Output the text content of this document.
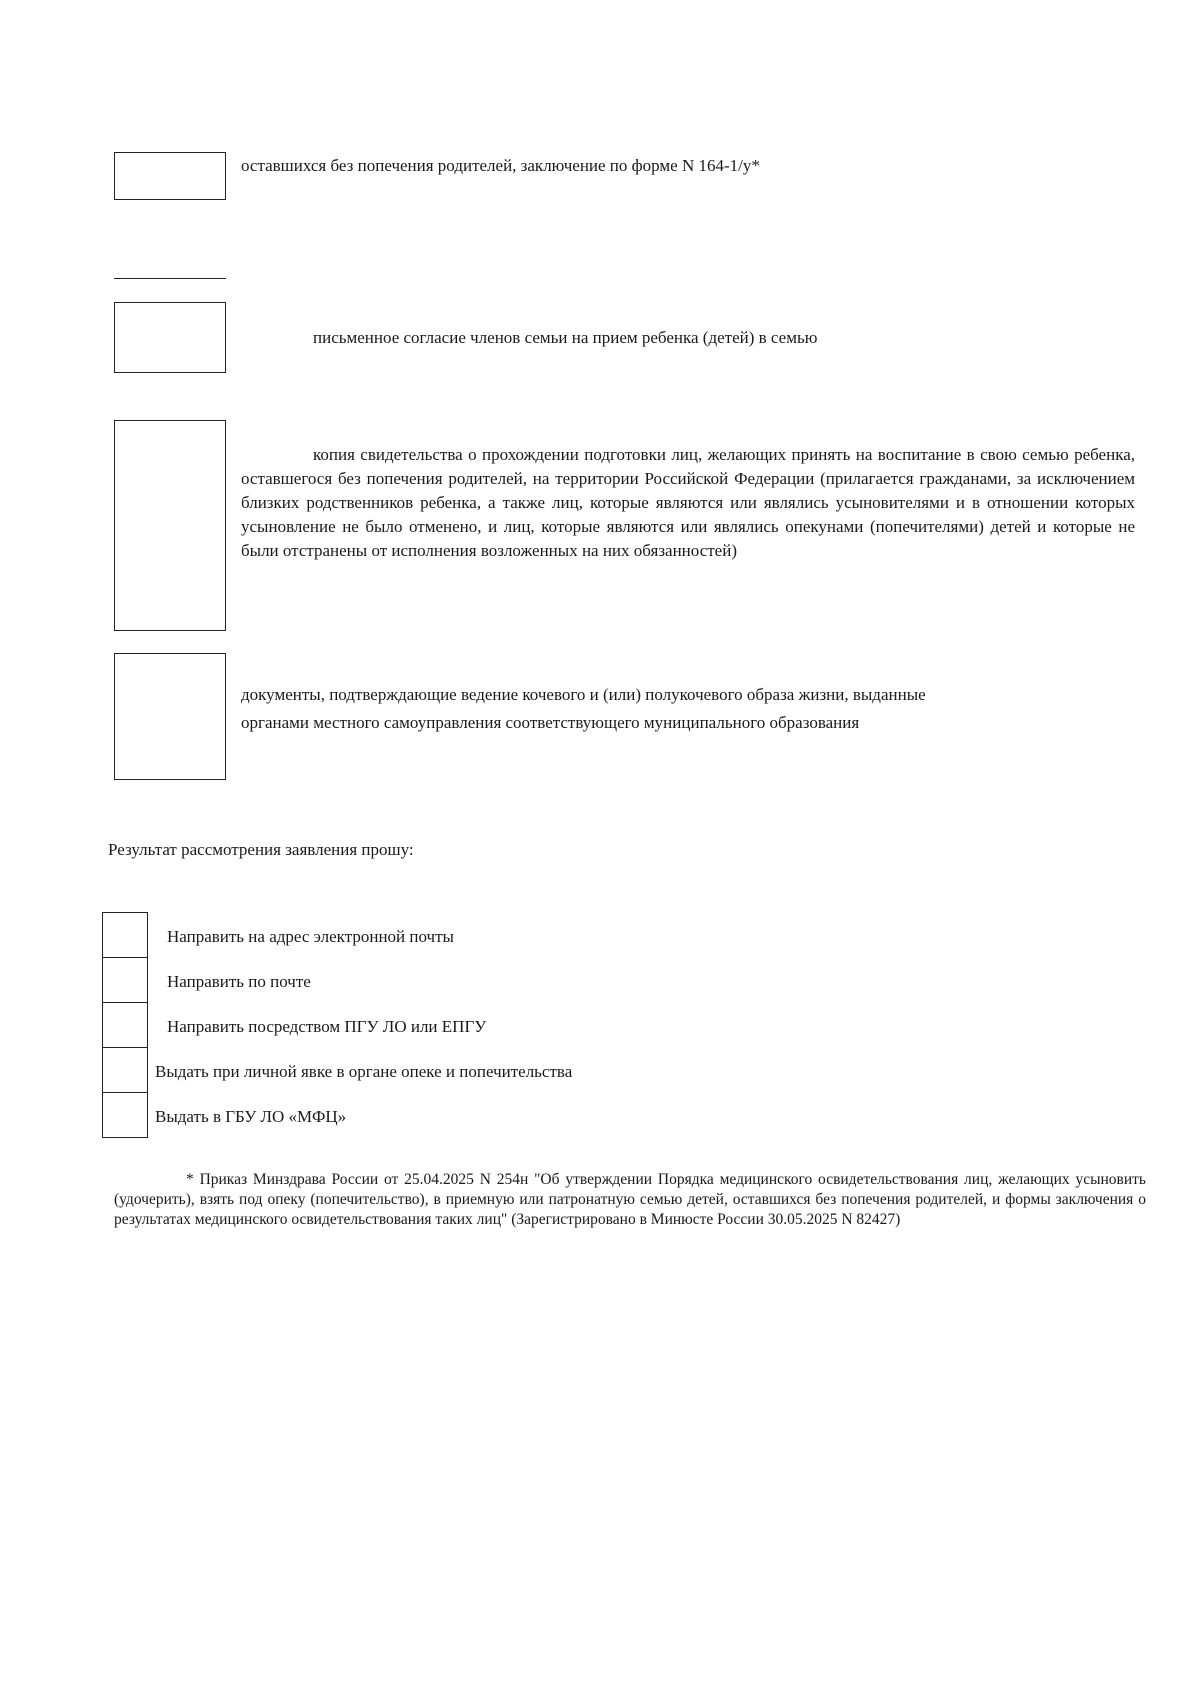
оставшихся без попечения родителей, заключение по форме N 164-1/у*
письменное согласие членов семьи на прием ребенка (детей) в семью
копия свидетельства о прохождении подготовки лиц, желающих принять на воспитание в свою семью ребенка, оставшегося без попечения родителей, на территории Российской Федерации (прилагается гражданами, за исключением близких родственников ребенка, а также лиц, которые являются или являлись усыновителями и в отношении которых усыновление не было отменено, и лиц, которые являются или являлись опекунами (попечителями) детей и которые не были отстранены от исполнения возложенных на них обязанностей)
документы, подтверждающие ведение кочевого и (или) полукочевого образа жизни, выданные
органами местного самоуправления соответствующего муниципального образования
Результат рассмотрения заявления прошу:
Направить на адрес электронной почты
Направить по почте
Направить посредством ПГУ ЛО или ЕПГУ
Выдать при личной явке в органе опеке и попечительства
Выдать в ГБУ ЛО «МФЦ»
* Приказ Минздрава России от 25.04.2025 N 254н "Об утверждении Порядка медицинского освидетельствования лиц, желающих усыновить (удочерить), взять под опеку (попечительство), в приемную или патронатную семью детей, оставшихся без попечения родителей, и формы заключения о результатах медицинского освидетельствования таких лиц" (Зарегистрировано в Минюсте России 30.05.2025 N 82427)
